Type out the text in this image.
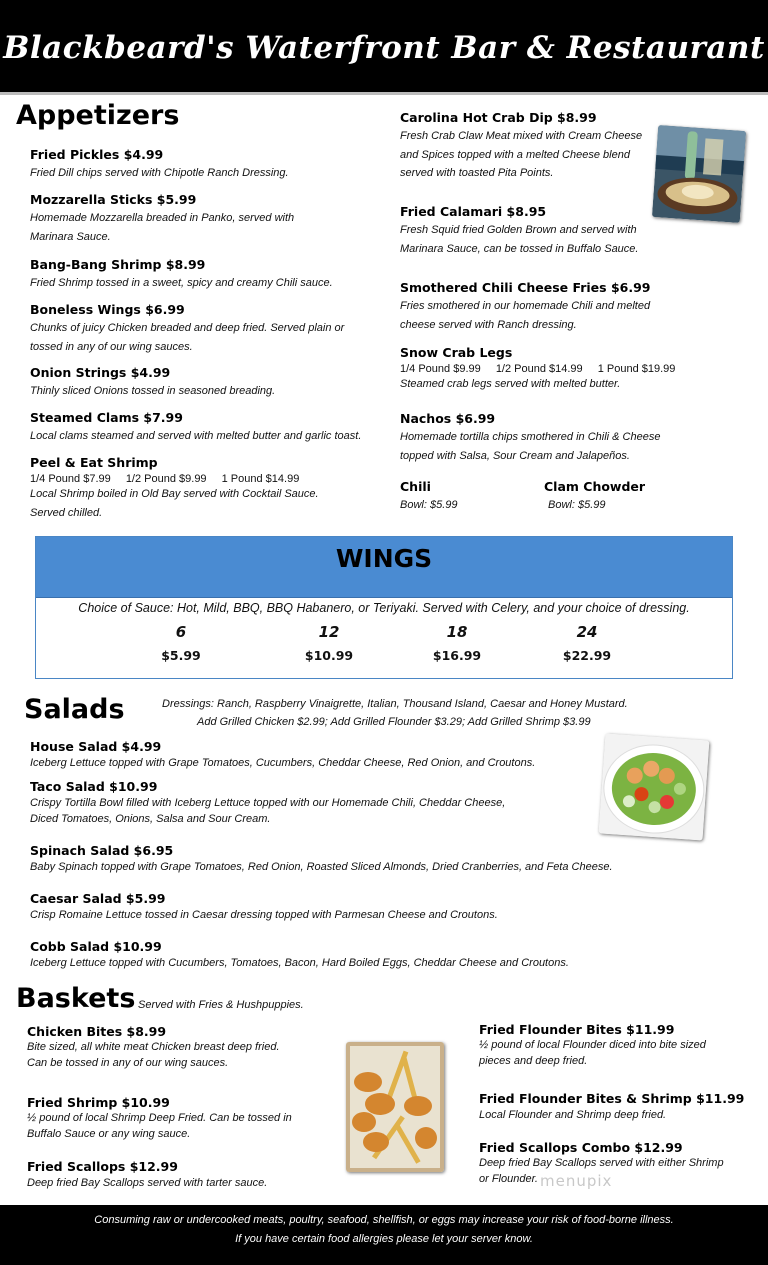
Blackbeard's Waterfront Bar & Restaurant
Appetizers
Fried Pickles $4.99
Fried Dill chips served with Chipotle Ranch Dressing.
Mozzarella Sticks $5.99
Homemade Mozzarella breaded in Panko, served with
Marinara Sauce.
Bang-Bang Shrimp $8.99
Fried Shrimp tossed in a sweet, spicy and creamy Chili sauce.
Boneless Wings $6.99
Chunks of juicy Chicken breaded and deep fried. Served plain or
tossed in any of our wing sauces.
Onion Strings $4.99
Thinly sliced Onions tossed in seasoned breading.
Steamed Clams $7.99
Local clams steamed and served with melted butter and garlic toast.
Peel & Eat Shrimp
1/4 Pound $7.99 1/2 Pound $9.99 1 Pound $14.99
Local Shrimp boiled in Old Bay served with Cocktail Sauce.
Served chilled.
Carolina Hot Crab Dip $8.99
Fresh Crab Claw Meat mixed with Cream Cheese
and Spices topped with a melted Cheese blend
served with toasted Pita Points.
Fried Calamari $8.95
Fresh Squid fried Golden Brown and served with
Marinara Sauce, can be tossed in Buffalo Sauce.
Smothered Chili Cheese Fries $6.99
Fries smothered in our homemade Chili and melted
cheese served with Ranch dressing.
Snow Crab Legs
1/4 Pound $9.99 1/2 Pound $14.99 1 Pound $19.99
Steamed crab legs served with melted butter.
Nachos $6.99
Homemade tortilla chips smothered in Chili & Cheese
topped with Salsa, Sour Cream and Jalapeños.
Chili
Bowl: $5.99
Clam Chowder
Bowl: $5.99
WINGS
Choice of Sauce: Hot, Mild, BBQ, BBQ Habanero, or Teriyaki. Served with Celery, and your choice of dressing.
6
$5.99
12
$10.99
18
$16.99
24
$22.99
Salads	Dressings: Ranch, Raspberry Vinaigrette, Italian, Thousand Island, Caesar and Honey Mustard.
Add Grilled Chicken $2.99; Add Grilled Flounder $3.29; Add Grilled Shrimp $3.99
House Salad $4.99
Iceberg Lettuce topped with Grape Tomatoes, Cucumbers, Cheddar Cheese, Red Onion, and Croutons.
Taco Salad $10.99
Crispy Tortilla Bowl filled with Iceberg Lettuce topped with our Homemade Chili, Cheddar Cheese,
Diced Tomatoes, Onions, Salsa and Sour Cream.
Spinach Salad $6.95
Baby Spinach topped with Grape Tomatoes, Red Onion, Roasted Sliced Almonds, Dried Cranberries, and Feta Cheese.
Caesar Salad $5.99
Crisp Romaine Lettuce tossed in Caesar dressing topped with Parmesan Cheese and Croutons.
Cobb Salad $10.99
Iceberg Lettuce topped with Cucumbers, Tomatoes, Bacon, Hard Boiled Eggs, Cheddar Cheese and Croutons.
Baskets Served with Fries & Hushpuppies.
Chicken Bites $8.99
Bite sized, all white meat Chicken breast deep fried.
Can be tossed in any of our wing sauces.
Fried Shrimp $10.99
½ pound of local Shrimp Deep Fried. Can be tossed in
Buffalo Sauce or any wing sauce.
Fried Scallops $12.99
Deep fried Bay Scallops served with tarter sauce.
Fried Flounder Bites $11.99
½ pound of local Flounder diced into bite sized
pieces and deep fried.
Fried Flounder Bites & Shrimp $11.99
Local Flounder and Shrimp deep fried.
Fried Scallops Combo $12.99
Deep fried Bay Scallops served with either Shrimp
or Flounder. menupix

Consuming raw or undercooked meats, poultry, seafood, shellfish, or eggs may increase your risk of food-borne illness.

If you have certain food allergies please let your server know.
